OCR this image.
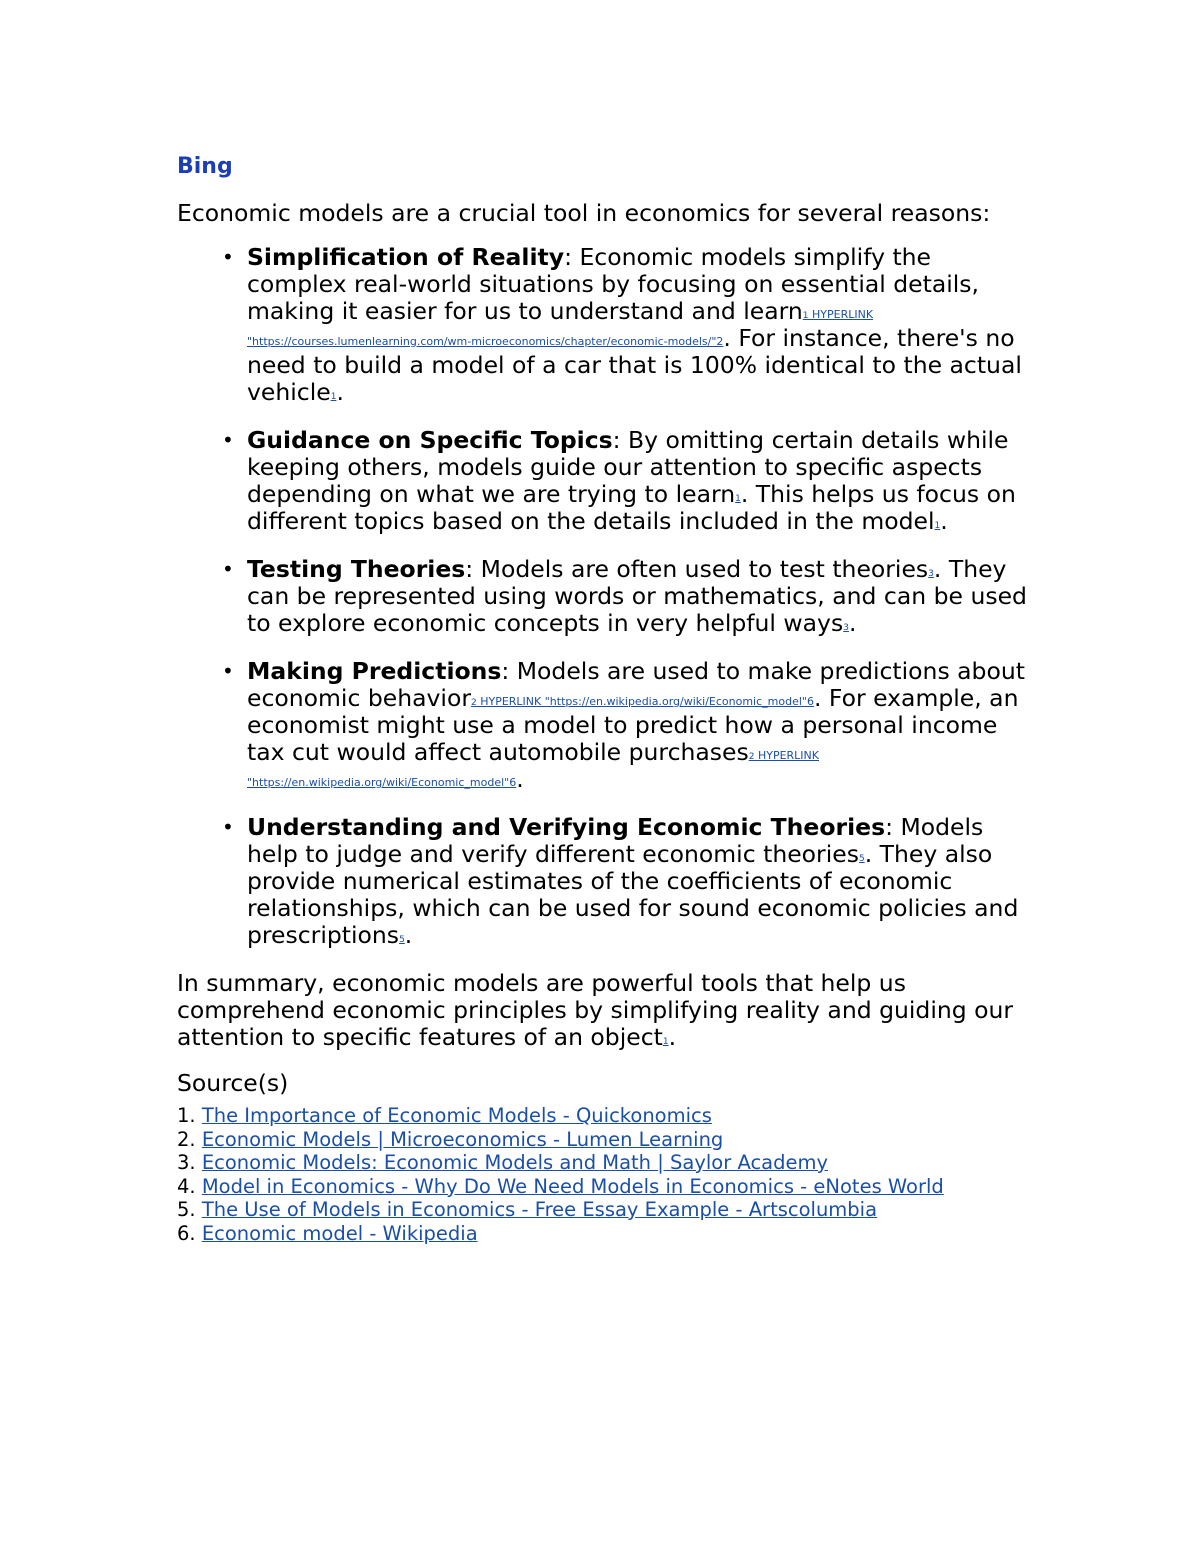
Bing

Economic models are a crucial tool in economics for several reasons:

• Simplification of Reality: Economic models simplify the complex real-world situations by focusing on essential details, making it easier for us to understand and learn1 HYPERLINK "https://courses.lumenlearning.com/wm-microeconomics/chapter/economic-models/"2. For instance, there's no need to build a model of a car that is 100% identical to the actual vehicle1.
• Guidance on Specific Topics: By omitting certain details while keeping others, models guide our attention to specific aspects depending on what we are trying to learn1. This helps us focus on different topics based on the details included in the model1.
• Testing Theories: Models are often used to test theories3. They can be represented using words or mathematics, and can be used to explore economic concepts in very helpful ways3.
• Making Predictions: Models are used to make predictions about economic behavior2 HYPERLINK "https://en.wikipedia.org/wiki/Economic_model"6. For example, an economist might use a model to predict how a personal income tax cut would affect automobile purchases2 HYPERLINK "https://en.wikipedia.org/wiki/Economic_model"6.
• Understanding and Verifying Economic Theories: Models help to judge and verify different economic theories5. They also provide numerical estimates of the coefficients of economic relationships, which can be used for sound economic policies and prescriptions5.

In summary, economic models are powerful tools that help us comprehend economic principles by simplifying reality and guiding our attention to specific features of an object1.

Source(s)
1. The Importance of Economic Models - Quickonomics
2. Economic Models | Microeconomics - Lumen Learning
3. Economic Models: Economic Models and Math | Saylor Academy
4. Model in Economics - Why Do We Need Models in Economics - eNotes World
5. The Use of Models in Economics - Free Essay Example - Artscolumbia
6. Economic model - Wikipedia
